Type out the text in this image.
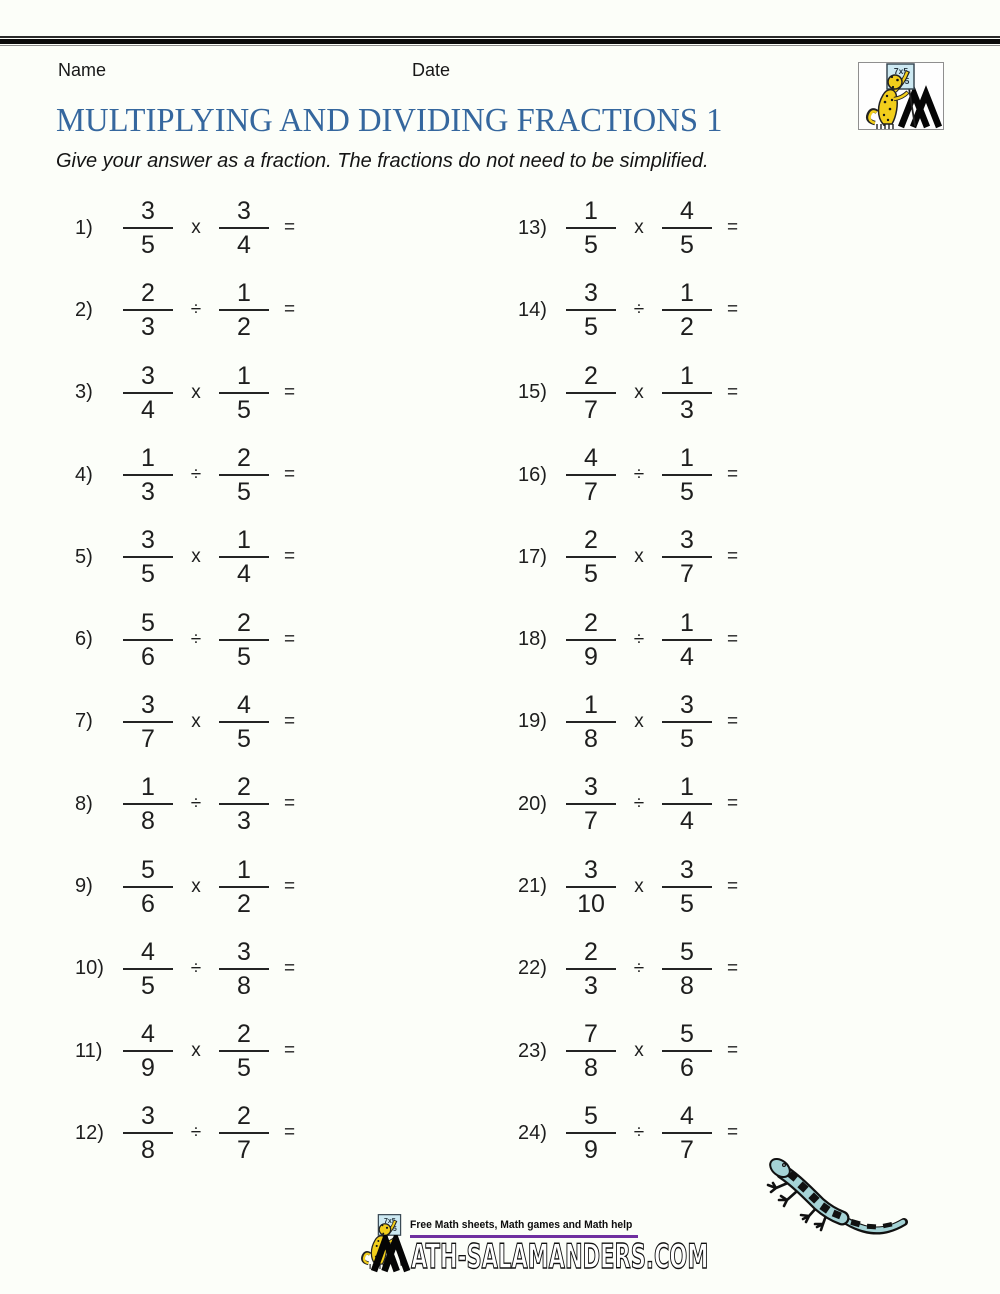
Name	Date
MULTIPLYING AND DIVIDING FRACTIONS 1
Give your answer as a fraction. The fractions do not need to be simplified.
1)	$\frac{3}{5}$ x $\frac{3}{4}$ =
2)	$\frac{2}{3} \div \frac{1}{2}$ =
3)	$\frac{3}{4}$ x $\frac{1}{5}$ =
4)	$\frac{1}{3} \div \frac{2}{5}$ =
5)	$\frac{3}{5}$ x $\frac{1}{4}$ =
6)	$\frac{5}{6} \div \frac{2}{5}$ =
7)	$\frac{3}{7}$ x $\frac{4}{5}$ =
8)	$\frac{1}{8} \div \frac{2}{3}$ =
9)	$\frac{5}{6}$ x $\frac{1}{2}$ =
$10) \frac{4}{5} \div \frac{3}{8}$ =
$11) \frac{4}{9}$ x $\frac{2}{5}$ =
$12) \frac{3}{8} \div \frac{2}{7}$ =
$13) \frac{1}{5}$ x $\frac{4}{5}$ =
$14) \frac{3}{5} \div \frac{1}{2}$ =
$15) \frac{2}{7}$ x $\frac{1}{3}$ =
$16) \frac{4}{7} \div \frac{1}{5}$ =
$17) \frac{2}{5}$ x $\frac{3}{7}$ =
$18) \frac{2}{9} \div \frac{1}{4}$ =
$19) \frac{1}{8}$ x $\frac{3}{5}$ =
$20) \frac{3}{7} \div \frac{1}{4}$ =
$21) \frac{3}{10}$ x $\frac{3}{5}$ =
$22) \frac{2}{3} \div \frac{5}{8}$ =
$23) \frac{7}{8}$ x $\frac{5}{6}$ =
$24) \frac{5}{9} \div \frac{4}{7}$ =
Free Math sheets, Math games and Math help
ATH-SALAMANDERS.COM
